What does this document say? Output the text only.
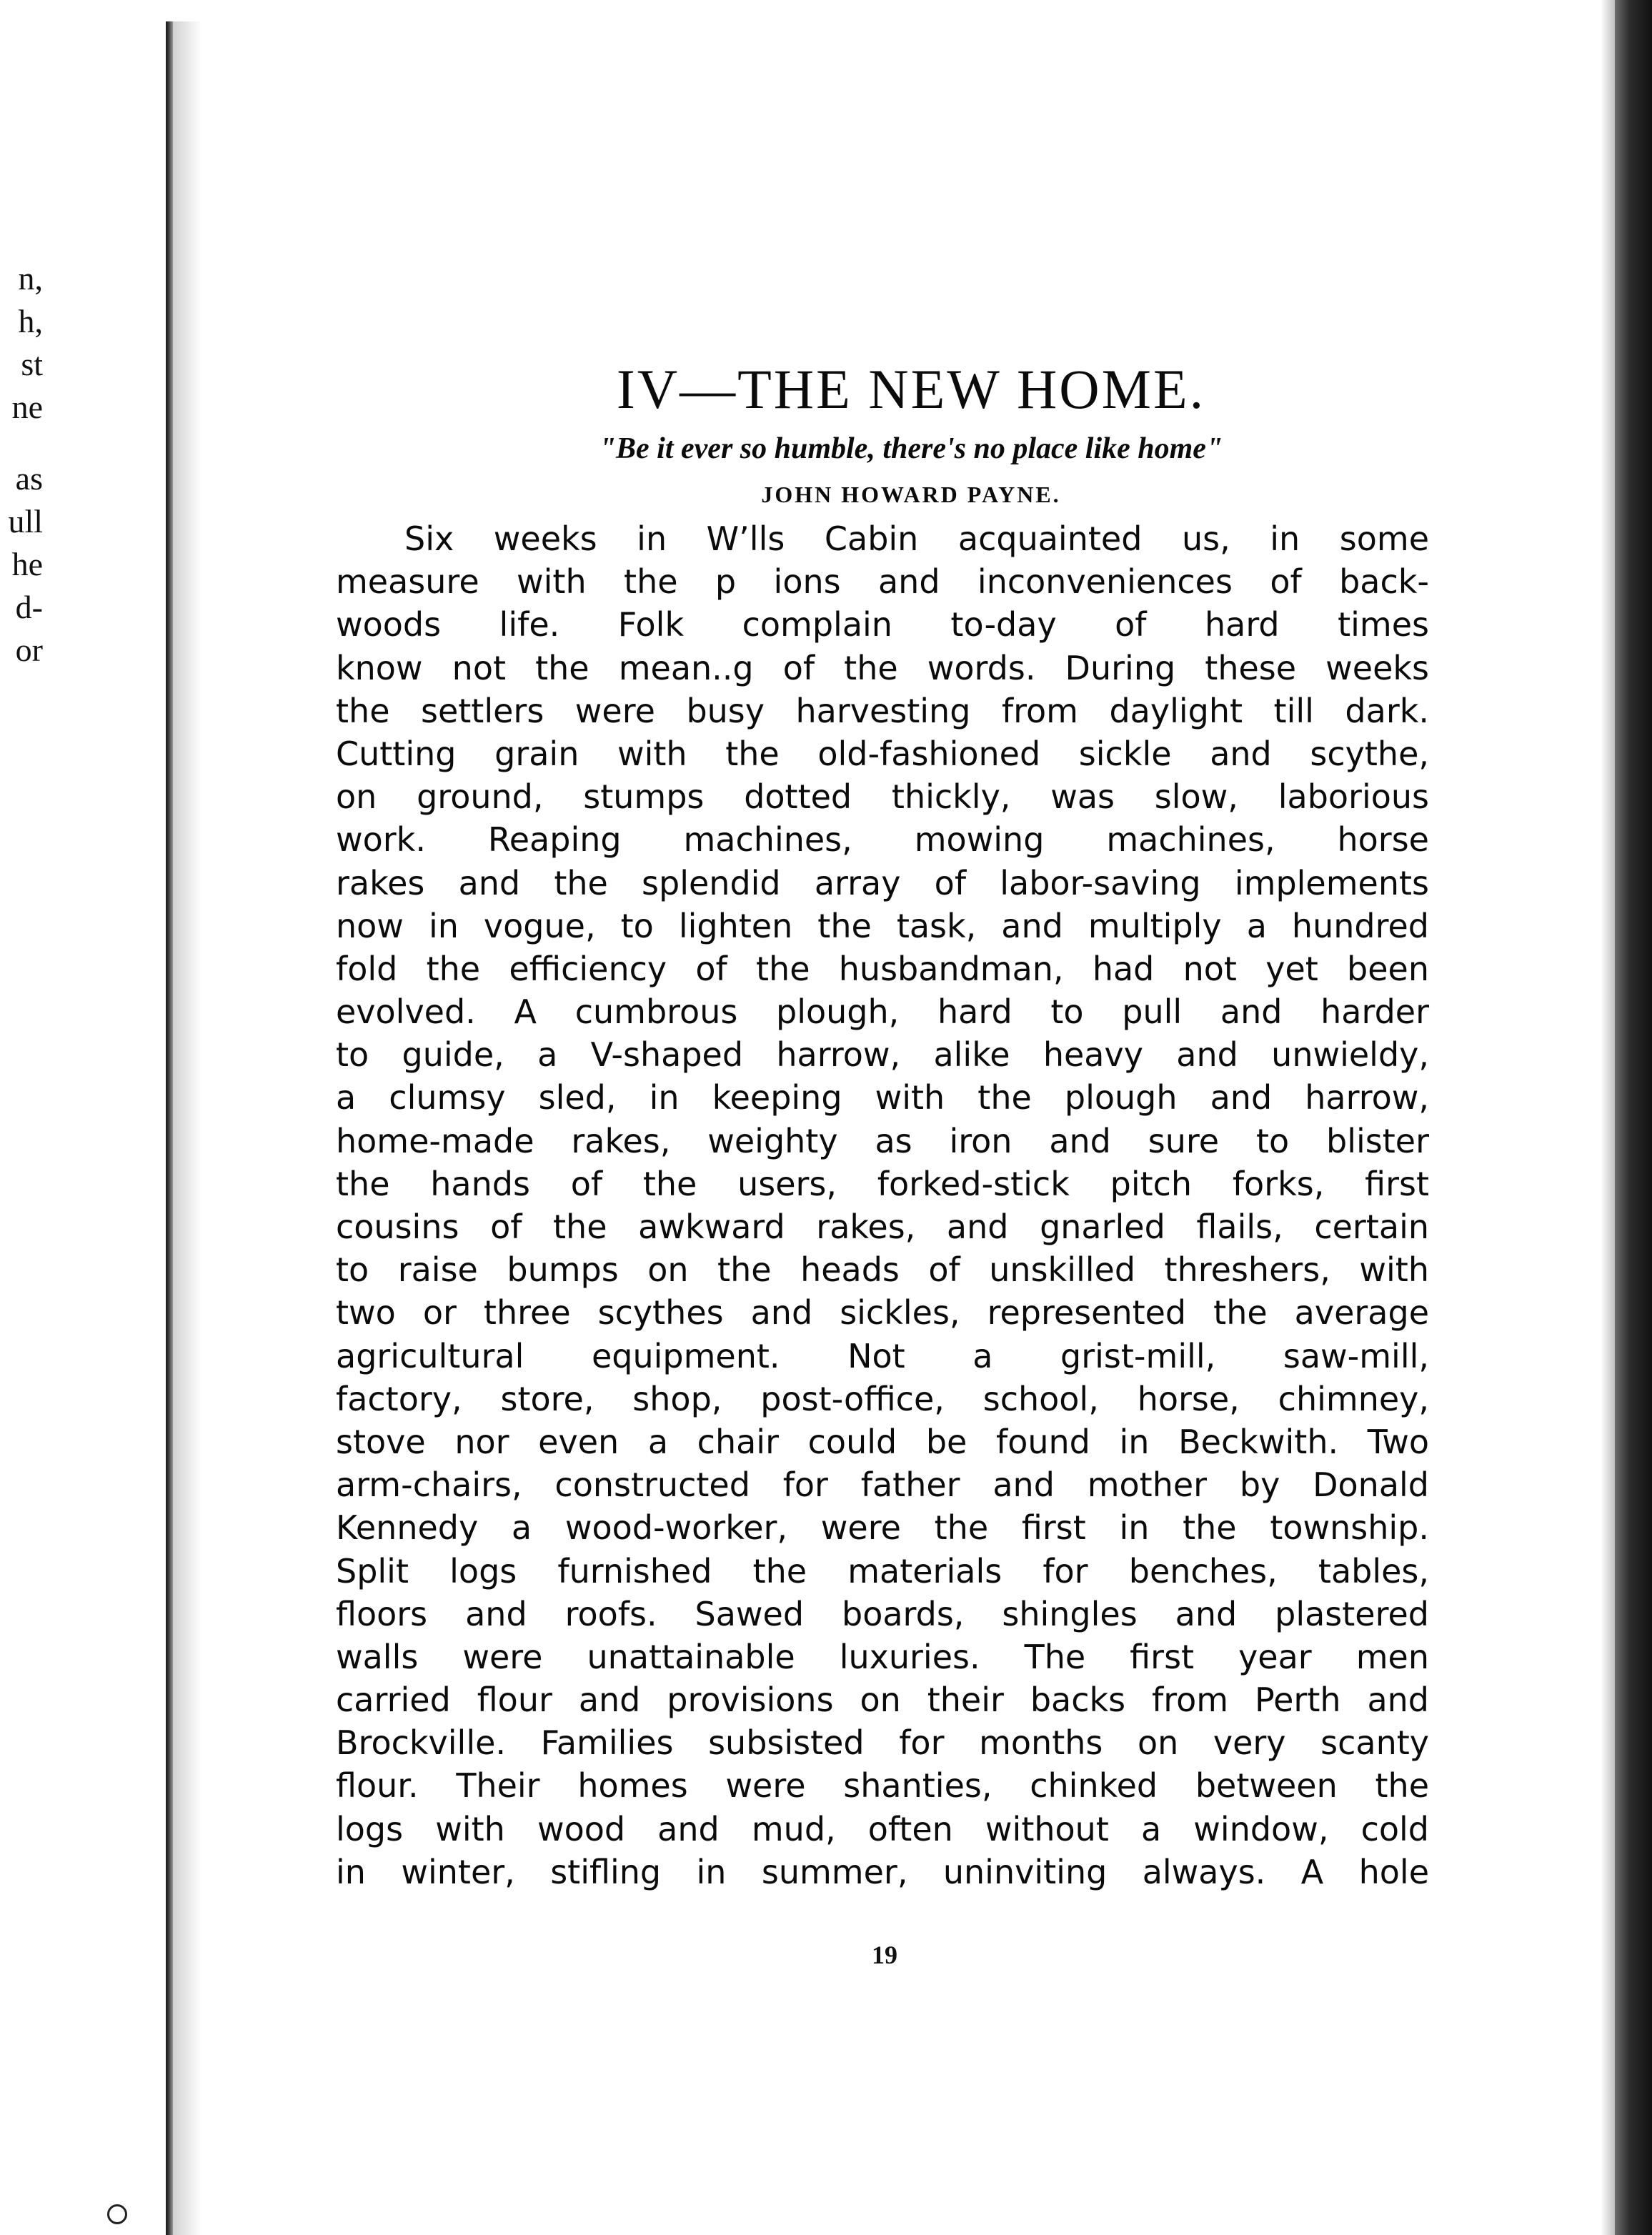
n,
h,
st
ne
as
ull
he
d-
or
IV—THE NEW HOME.
"Be it ever so humble, there's no place like home"
JOHN HOWARD PAYNE.
Six weeks in Wʼlls Cabin acquainted us, in some
measure with the p ions and inconveniences of back-
woods life. Folk complain to-day of hard times
know not the mean..g of the words. During these weeks
the settlers were busy harvesting from daylight till dark.
Cutting grain with the old-fashioned sickle and scythe,
on ground, stumps dotted thickly, was slow, laborious
work. Reaping machines, mowing machines, horse
rakes and the splendid array of labor-saving implements
now in vogue, to lighten the task, and multiply a hundred
fold the efficiency of the husbandman, had not yet been
evolved. A cumbrous plough, hard to pull and harder
to guide, a V-shaped harrow, alike heavy and unwieldy,
a clumsy sled, in keeping with the plough and harrow,
home-made rakes, weighty as iron and sure to blister
the hands of the users, forked-stick pitch forks, first
cousins of the awkward rakes, and gnarled flails, certain
to raise bumps on the heads of unskilled threshers, with
two or three scythes and sickles, represented the average
agricultural equipment. Not a grist-mill, saw-mill,
factory, store, shop, post-office, school, horse, chimney,
stove nor even a chair could be found in Beckwith. Two
arm-chairs, constructed for father and mother by Donald
Kennedy a wood-worker, were the first in the township.
Split logs furnished the materials for benches, tables,
floors and roofs. Sawed boards, shingles and plastered
walls were unattainable luxuries. The first year men
carried flour and provisions on their backs from Perth and
Brockville. Families subsisted for months on very scanty
flour. Their homes were shanties, chinked between the
logs with wood and mud, often without a window, cold
in winter, stifling in summer, uninviting always. A hole
19
